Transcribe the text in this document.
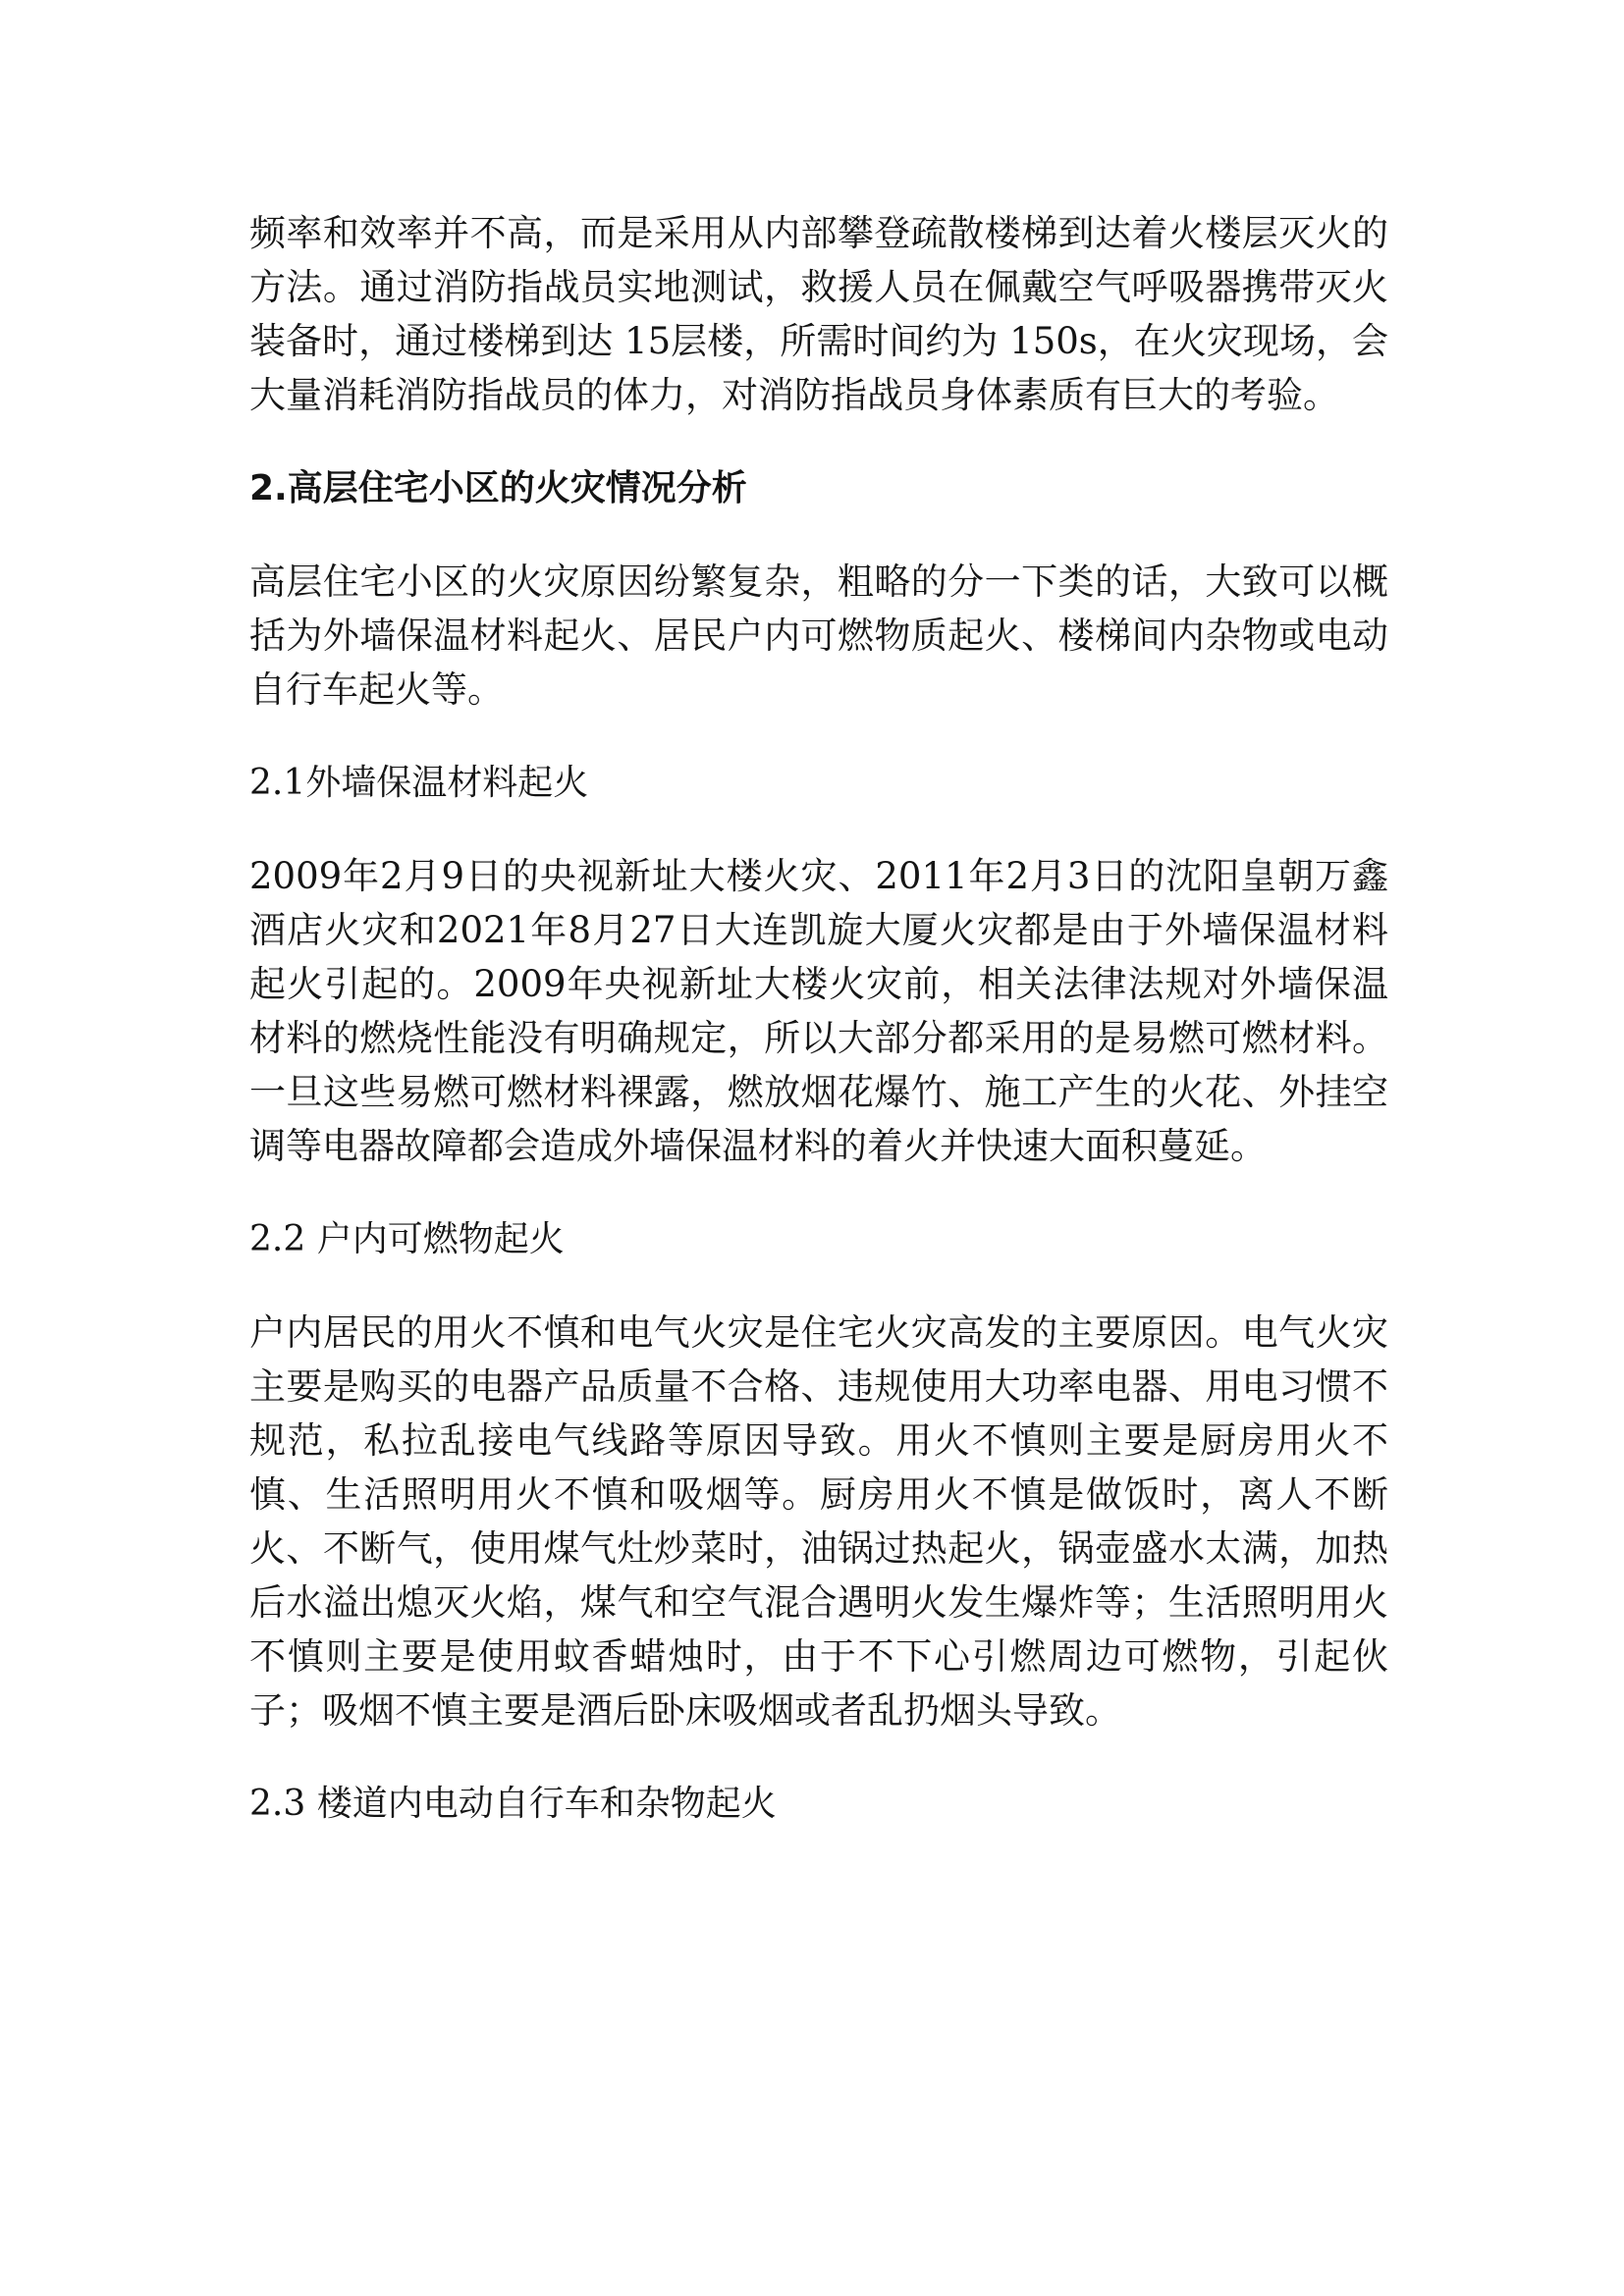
频率和效率并不高，而是采用从内部攀登疏散楼梯到达着火楼层灭火的方法。通过消防指战员实地测试，救援人员在佩戴空气呼吸器携带灭火装备时，通过楼梯到达 15层楼，所需时间约为 150s，在火灾现场，会大量消耗消防指战员的体力，对消防指战员身体素质有巨大的考验。

2.高层住宅小区的火灾情况分析

高层住宅小区的火灾原因纷繁复杂，粗略的分一下类的话，大致可以概括为外墙保温材料起火、居民户内可燃物质起火、楼梯间内杂物或电动自行车起火等。

2.1外墙保温材料起火

2009年2月9日的央视新址大楼火灾、2011年2月3日的沈阳皇朝万鑫酒店火灾和2021年8月27日大连凯旋大厦火灾都是由于外墙保温材料起火引起的。2009年央视新址大楼火灾前，相关法律法规对外墙保温材料的燃烧性能没有明确规定，所以大部分都采用的是易燃可燃材料。一旦这些易燃可燃材料裸露，燃放烟花爆竹、施工产生的火花、外挂空调等电器故障都会造成外墙保温材料的着火并快速大面积蔓延。

2.2 户内可燃物起火

户内居民的用火不慎和电气火灾是住宅火灾高发的主要原因。电气火灾主要是购买的电器产品质量不合格、违规使用大功率电器、用电习惯不规范，私拉乱接电气线路等原因导致。用火不慎则主要是厨房用火不慎、生活照明用火不慎和吸烟等。厨房用火不慎是做饭时，离人不断火、不断气，使用煤气灶炒菜时，油锅过热起火，锅壶盛水太满，加热后水溢出熄灭火焰，煤气和空气混合遇明火发生爆炸等；生活照明用火不慎则主要是使用蚊香蜡烛时，由于不下心引燃周边可燃物，引起伙子；吸烟不慎主要是酒后卧床吸烟或者乱扔烟头导致。

2.3 楼道内电动自行车和杂物起火
